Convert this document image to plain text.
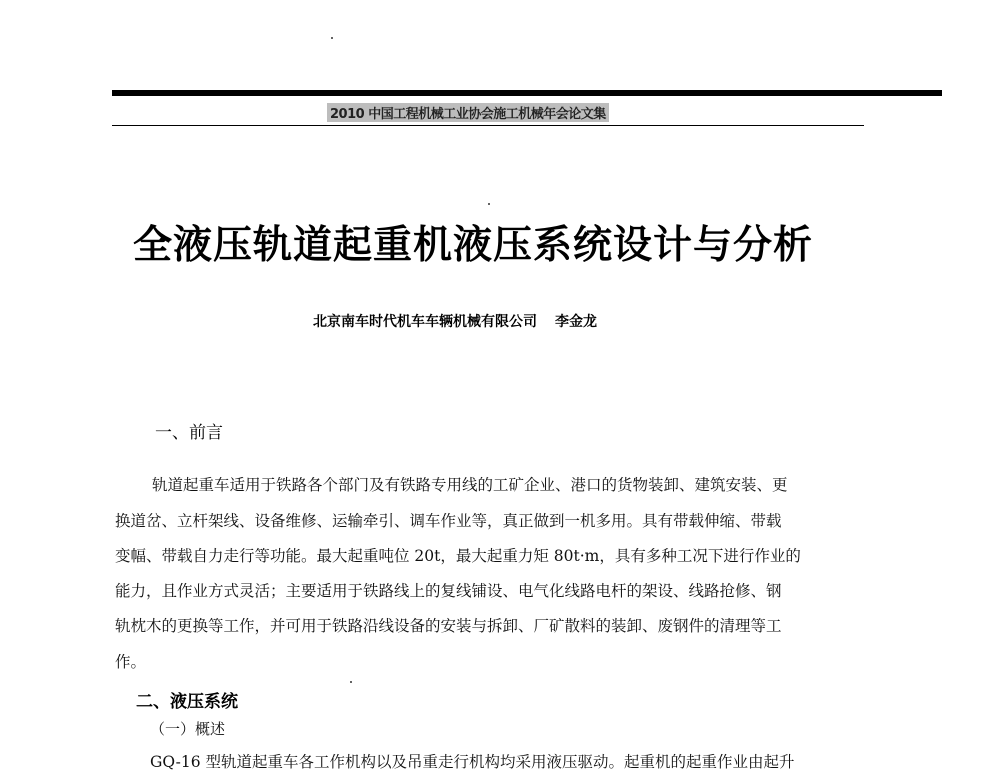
2010 中国工程机械工业协会施工机械年会论文集
全液压轨道起重机液压系统设计与分析
北京南车时代机车车辆机械有限公司 李金龙
一、前言
轨道起重车适用于铁路各个部门及有铁路专用线的工矿企业、港口的货物装卸、建筑安装、更
换道岔、立杆架线、设备维修、运输牵引、调车作业等，真正做到一机多用。具有带载伸缩、带载
变幅、带载自力走行等功能。最大起重吨位 20t，最大起重力矩 80t·m，具有多种工况下进行作业的
能力，且作业方式灵活；主要适用于铁路线上的复线铺设、电气化线路电杆的架设、线路抢修、钢
轨枕木的更换等工作，并可用于铁路沿线设备的安装与拆卸、厂矿散料的装卸、废钢件的清理等工
作。
二、液压系统
（一）概述
GQ-16 型轨道起重车各工作机构以及吊重走行机构均采用液压驱动。起重机的起重作业由起升
